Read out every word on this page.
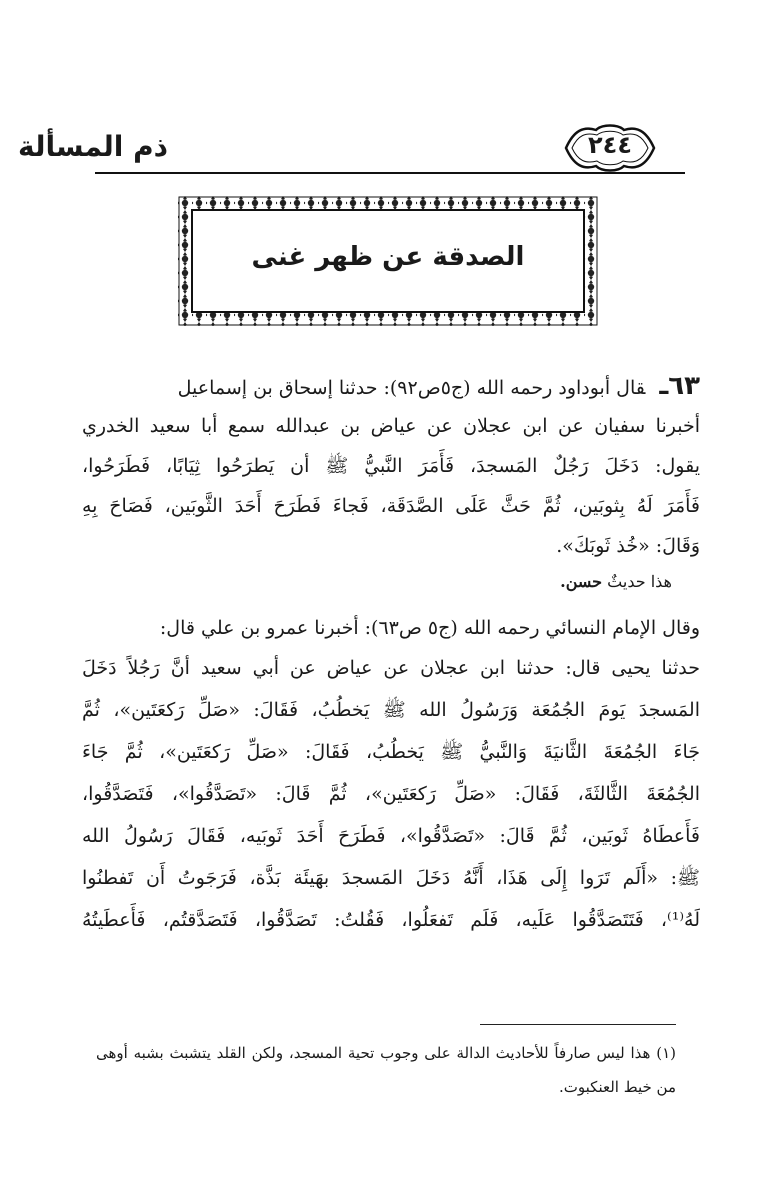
ذم المسألة	٢٤٤
الصدقة عن ظهر غنى
٦٣ـقال أبوداود رحمه الله (ج٥ص٩٢): حدثنا إسحاق بن إسماعيل
أخبرنا سفيان عن ابن عجلان عن عياض بن عبدالله سمع أبا سعيد الخدري
يقول: دَخَلَ رَجُلٌ المَسجدَ، فَأَمَرَ النَّبيُّ ﷺ أن يَطرَحُوا ثِيَابًا، فَطَرَحُوا،
فَأَمَرَ لَهُ بِثوبَين، ثُمَّ حَثَّ عَلَى الصَّدَقَة، فَجاءَ فَطَرَحَ أَحَدَ الثَّوبَين، فَصَاحَ بِهِ
وَقَالَ: «خُذ ثَوبَكَ».
هذا حديثٌ حسن.
وقال الإمام النسائي رحمه الله (ج٥ ص٦٣): أخبرنا عمرو بن علي قال:
حدثنا يحيى قال: حدثنا ابن عجلان عن عياض عن أبي سعيد أنَّ رَجُلاً دَخَلَ
المَسجدَ يَومَ الجُمُعَة وَرَسُولُ الله ﷺ يَخطُبُ، فَقَالَ: «صَلِّ رَكعَتَين»، ثُمَّ
جَاءَ الجُمُعَةَ الثَّانيَةَ وَالنَّبيُّ ﷺ يَخطُبُ، فَقَالَ: «صَلِّ رَكعَتَين»، ثُمَّ جَاءَ
الجُمُعَةَ الثَّالثَةَ، فَقَالَ: «صَلِّ رَكعَتَين»، ثُمَّ قَالَ: «تَصَدَّقُوا»، فَتَصَدَّقُوا،
فَأَعطَاهُ ثَوبَين، ثُمَّ قَالَ: «تَصَدَّقُوا»، فَطَرَحَ أَحَدَ ثَوبَيه، فَقَالَ رَسُولُ الله
ﷺ: «أَلَم تَرَوا إِلَى هَذَا، أَنَّهُ دَخَلَ المَسجدَ بهَيئَة بَذَّة، فَرَجَوتُ أَن تَفطنُوا
لَهُ⁽¹⁾، فَتَتَصَدَّقُوا عَلَيه، فَلَم تَفعَلُوا، فَقُلتُ: تَصَدَّقُوا، فَتَصَدَّقتُم، فَأَعطَيتُهُ
(١) هذا ليس صارفاً للأحاديث الدالة على وجوب تحية المسجد، ولكن القلد يتشبث بشبه أوهى
من خيط العنكبوت.
